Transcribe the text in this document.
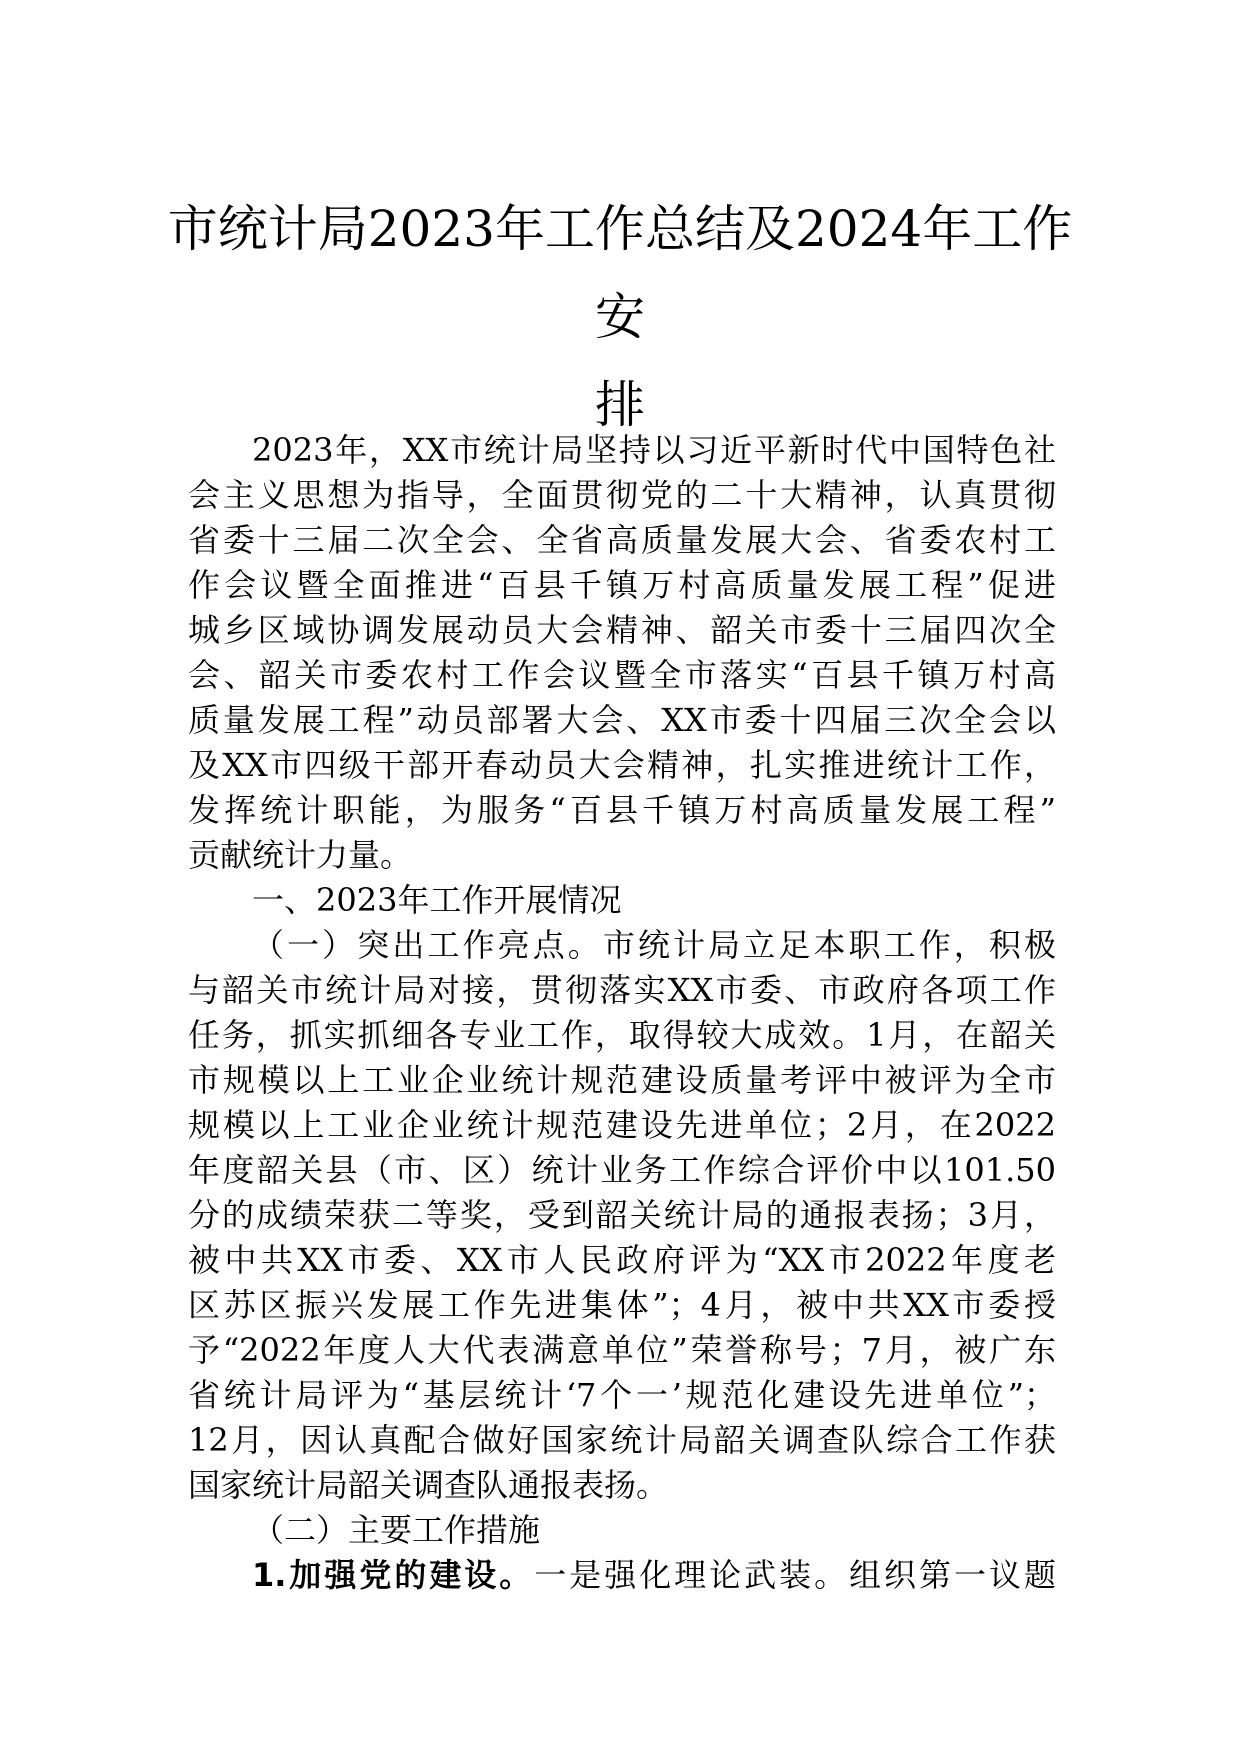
市统计局2023年工作总结及2024年工作安
排
2023年，XX市统计局坚持以习近平新时代中国特色社
会主义思想为指导，全面贯彻党的二十大精神，认真贯彻
省委十三届二次全会、全省高质量发展大会、省委农村工
作会议暨全面推进“百县千镇万村高质量发展工程”促进
城乡区域协调发展动员大会精神、韶关市委十三届四次全
会、韶关市委农村工作会议暨全市落实“百县千镇万村高
质量发展工程”动员部署大会、XX市委十四届三次全会以
及XX市四级干部开春动员大会精神，扎实推进统计工作，
发挥统计职能，为服务“百县千镇万村高质量发展工程”
贡献统计力量。
一、2023年工作开展情况
（一）突出工作亮点。市统计局立足本职工作，积极
与韶关市统计局对接，贯彻落实XX市委、市政府各项工作
任务，抓实抓细各专业工作，取得较大成效。1月，在韶关
市规模以上工业企业统计规范建设质量考评中被评为全市
规模以上工业企业统计规范建设先进单位；2月，在2022
年度韶关县（市、区）统计业务工作综合评价中以101.50
分的成绩荣获二等奖，受到韶关统计局的通报表扬；3月，
被中共XX市委、XX市人民政府评为“XX市2022年度老
区苏区振兴发展工作先进集体”；4月，被中共XX市委授
予“2022年度人大代表满意单位”荣誉称号；7月，被广东
省统计局评为“基层统计‘7个一’规范化建设先进单位”；
12月，因认真配合做好国家统计局韶关调查队综合工作获
国家统计局韶关调查队通报表扬。
（二）主要工作措施
1.加强党的建设。一是强化理论武装。组织第一议题
